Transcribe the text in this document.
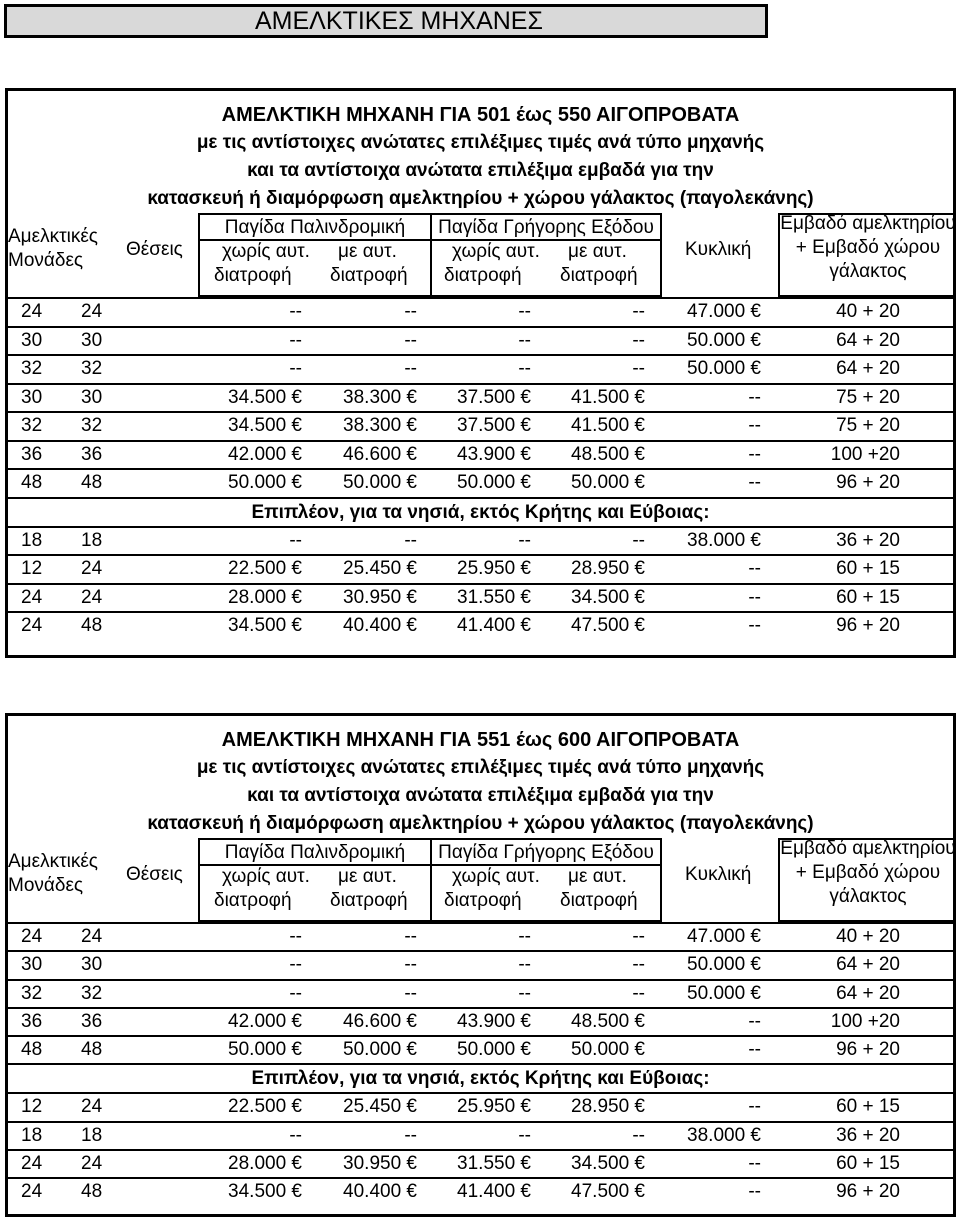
ΑΜΕΛΚΤΙΚΕΣ ΜΗΧΑΝΕΣ
ΑΜΕΛΚΤΙΚΗ ΜΗΧΑΝΗ ΓΙΑ 501 έως 550 ΑΙΓΟΠΡΟΒΑΤΑ
με τις αντίστοιχες ανώτατες επιλέξιμες τιμές ανά τύπο μηχανής
και τα αντίστοιχα ανώτατα επιλέξιμα εμβαδά για την
κατασκευή ή διαμόρφωση αμελκτηρίου + χώρου γάλακτος (παγολεκάνης)
Αμελκτικές
Μονάδες
Θέσεις
Παγίδα Παλινδρομική	Παγίδα Γρήγορης Εξόδου
χωρίς αυτ.
διατροφή
με αυτ.
διατροφή
χωρίς αυτ.
διατροφή
με αυτ.
διατροφή
Κυκλική
Εμβαδό αμελκτηρίου
+ Εμβαδό χώρου
γάλακτος
24 24	--	--	--	-- 47.000 €	40 + 20
30 30	--	--	--	-- 50.000 €	64 + 20
32 32	--	--	--	-- 50.000 €	64 + 20
30 30	34.500 € 38.300 € 37.500 € 41.500 €	--	75 + 20
32 32	34.500 € 38.300 € 37.500 € 41.500 €	--	75 + 20
36 36	42.000 € 46.600 € 43.900 € 48.500 €	--	100 +20
48 48	50.000 € 50.000 € 50.000 € 50.000 €	--	96 + 20
Επιπλέον, για τα νησιά, εκτός Κρήτης και Εύβοιας:
18 18	--	--	--	-- 38.000 €	36 + 20
12 24	22.500 € 25.450 € 25.950 € 28.950 €	--	60 + 15
24 24	28.000 € 30.950 € 31.550 € 34.500 €	--	60 + 15
24 48	34.500 € 40.400 € 41.400 € 47.500 €	--	96 + 20
ΑΜΕΛΚΤΙΚΗ ΜΗΧΑΝΗ ΓΙΑ 551 έως 600 ΑΙΓΟΠΡΟΒΑΤΑ
με τις αντίστοιχες ανώτατες επιλέξιμες τιμές ανά τύπο μηχανής
και τα αντίστοιχα ανώτατα επιλέξιμα εμβαδά για την
κατασκευή ή διαμόρφωση αμελκτηρίου + χώρου γάλακτος (παγολεκάνης)
Αμελκτικές
Μονάδες
Θέσεις
Παγίδα Παλινδρομική	Παγίδα Γρήγορης Εξόδου
χωρίς αυτ.
διατροφή
με αυτ.
διατροφή
χωρίς αυτ.
διατροφή
με αυτ.
διατροφή
Κυκλική
Εμβαδό αμελκτηρίου
+ Εμβαδό χώρου
γάλακτος
24 24	--	--	--	-- 47.000 €	40 + 20
30 30	--	--	--	-- 50.000 €	64 + 20
32 32	--	--	--	-- 50.000 €	64 + 20
36 36	42.000 € 46.600 € 43.900 € 48.500 €	--	100 +20
48 48	50.000 € 50.000 € 50.000 € 50.000 €	--	96 + 20
Επιπλέον, για τα νησιά, εκτός Κρήτης και Εύβοιας:
12 24	22.500 € 25.450 € 25.950 € 28.950 €	--	60 + 15
18 18	--	--	--	-- 38.000 €	36 + 20
24 24	28.000 € 30.950 € 31.550 € 34.500 €	--	60 + 15
24 48	34.500 € 40.400 € 41.400 € 47.500 €	--	96 + 20
